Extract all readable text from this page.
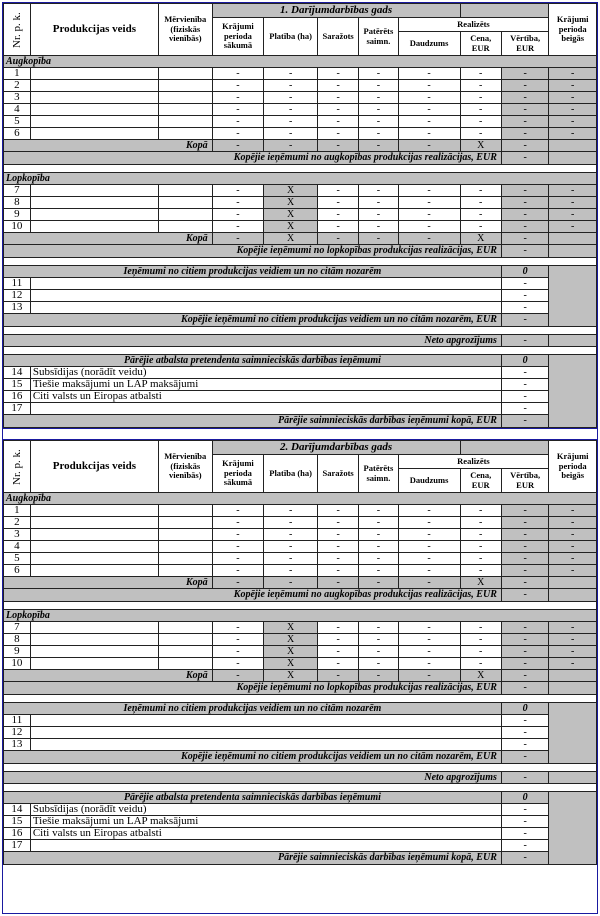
Nr. p. k.	Produkcijas veids	Mērvienība (fiziskās vienībās)	1. Darījumdarbības gads							Krājumi perioda beigās
			Krājumi perioda sākumā	Platība (ha)	Saražots	Patērēts saimn.	Realizēts			
							Daudzums	Cena, EUR	Vērtība, EUR	
Augkopība										
1			-	-	-	-	-	-	-	-
2			-	-	-	-	-	-	-	-
3			-	-	-	-	-	-	-	-
4			-	-	-	-	-	-	-	-
5			-	-	-	-	-	-	-	-
6			-	-	-	-	-	-	-	-
Kopā			-	-	-	-	-	X	-	
Kopējie ieņēmumi no augkopības produkcijas realizācijas, EUR									-	

Lopkopība										
7			-	X	-	-	-	-	-	-
8			-	X	-	-	-	-	-	-
9			-	X	-	-	-	-	-	-
10			-	X	-	-	-	-	-	-
Kopā			-	X	-	-	-	X	-	
Kopējie ieņēmumi no lopkopības produkcijas realizācijas, EUR									-	

Ieņēmumi no citiem produkcijas veidiem un no citām nozarēm									0	
11									-	
12									-	
13									-	
Kopējie ieņēmumi no citiem produkcijas veidiem un no citām nozarēm, EUR									-	

Neto apgrozījums									-	

Pārējie atbalsta pretendenta saimnieciskās darbības ieņēmumi									0	
14	Subsīdijas (norādīt veidu)								-	
15	Tiešie maksājumi un LAP maksājumi								-	
16	Citi valsts un Eiropas atbalsti								-	
17									-	
Pārējie saimnieciskās darbības ieņēmumi kopā, EUR									-	
Nr. p. k.	Produkcijas veids	Mērvienība (fiziskās vienībās)	2. Darījumdarbības gads							Krājumi perioda beigās
			Krājumi perioda sākumā	Platība (ha)	Saražots	Patērēts saimn.	Realizēts			
							Daudzums	Cena, EUR	Vērtība, EUR	
Augkopība										
1			-	-	-	-	-	-	-	-
2			-	-	-	-	-	-	-	-
3			-	-	-	-	-	-	-	-
4			-	-	-	-	-	-	-	-
5			-	-	-	-	-	-	-	-
6			-	-	-	-	-	-	-	-
Kopā			-	-	-	-	-	X	-	
Kopējie ieņēmumi no augkopības produkcijas realizācijas, EUR									-	

Lopkopība										
7			-	X	-	-	-	-	-	-
8			-	X	-	-	-	-	-	-
9			-	X	-	-	-	-	-	-
10			-	X	-	-	-	-	-	-
Kopā			-	X	-	-	-	X	-	
Kopējie ieņēmumi no lopkopības produkcijas realizācijas, EUR									-	

Ieņēmumi no citiem produkcijas veidiem un no citām nozarēm									0	
11									-	
12									-	
13									-	
Kopējie ieņēmumi no citiem produkcijas veidiem un no citām nozarēm, EUR									-	

Neto apgrozījums									-	

Pārējie atbalsta pretendenta saimnieciskās darbības ieņēmumi									0	
14	Subsīdijas (norādīt veidu)								-	
15	Tiešie maksājumi un LAP maksājumi								-	
16	Citi valsts un Eiropas atbalsti								-	
17									-	
Pārējie saimnieciskās darbības ieņēmumi kopā, EUR									-	
